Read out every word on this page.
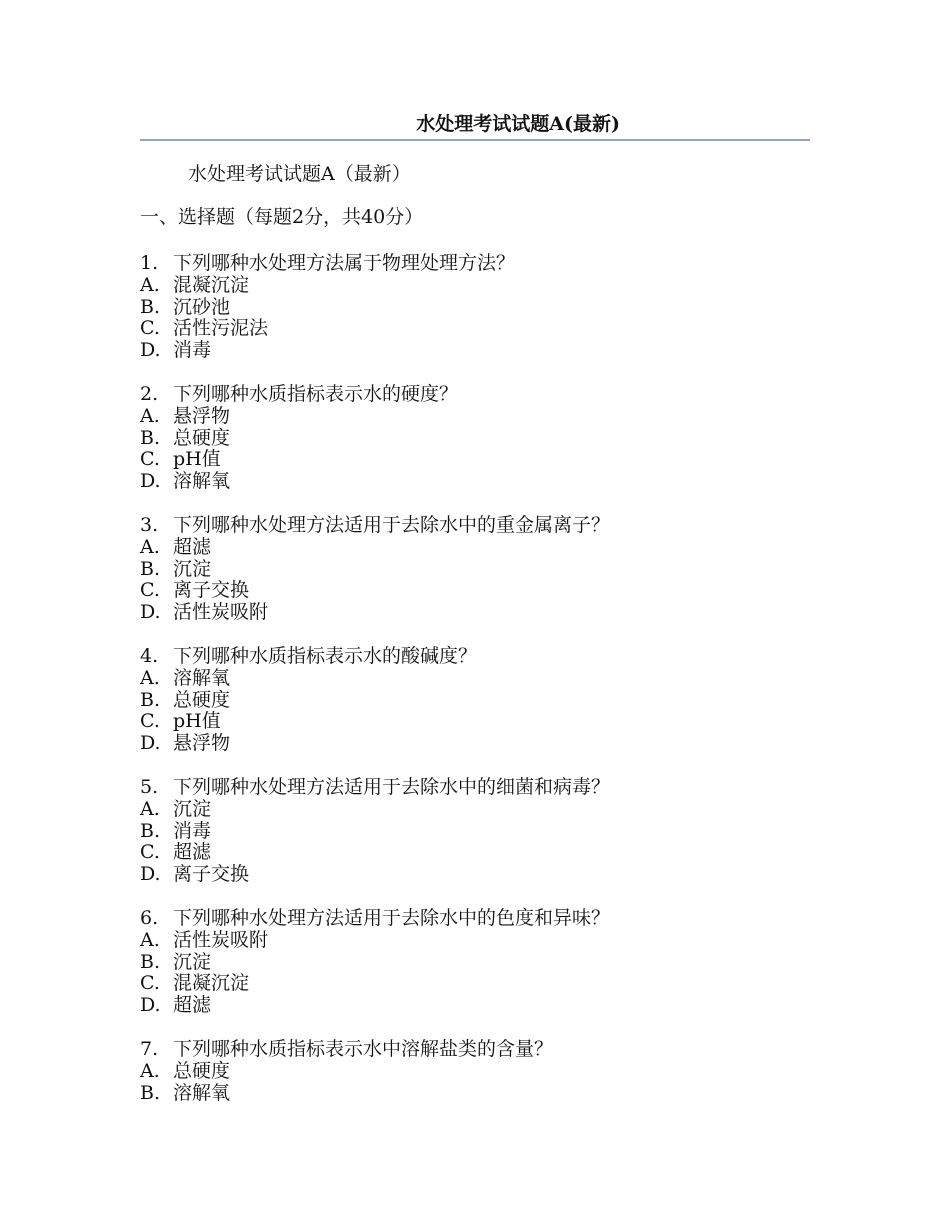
水处理考试试题A(最新)
水处理考试试题A（最新）
一、选择题（每题2分，共40分）
1. 下列哪种水处理方法属于物理处理方法？
A. 混凝沉淀
B. 沉砂池
C. 活性污泥法
D. 消毒
2. 下列哪种水质指标表示水的硬度？
A. 悬浮物
B. 总硬度
C. pH值
D. 溶解氧
3. 下列哪种水处理方法适用于去除水中的重金属离子？
A. 超滤
B. 沉淀
C. 离子交换
D. 活性炭吸附
4. 下列哪种水质指标表示水的酸碱度？
A. 溶解氧
B. 总硬度
C. pH值
D. 悬浮物
5. 下列哪种水处理方法适用于去除水中的细菌和病毒？
A. 沉淀
B. 消毒
C. 超滤
D. 离子交换
6. 下列哪种水处理方法适用于去除水中的色度和异味？
A. 活性炭吸附
B. 沉淀
C. 混凝沉淀
D. 超滤
7. 下列哪种水质指标表示水中溶解盐类的含量？
A. 总硬度
B. 溶解氧
